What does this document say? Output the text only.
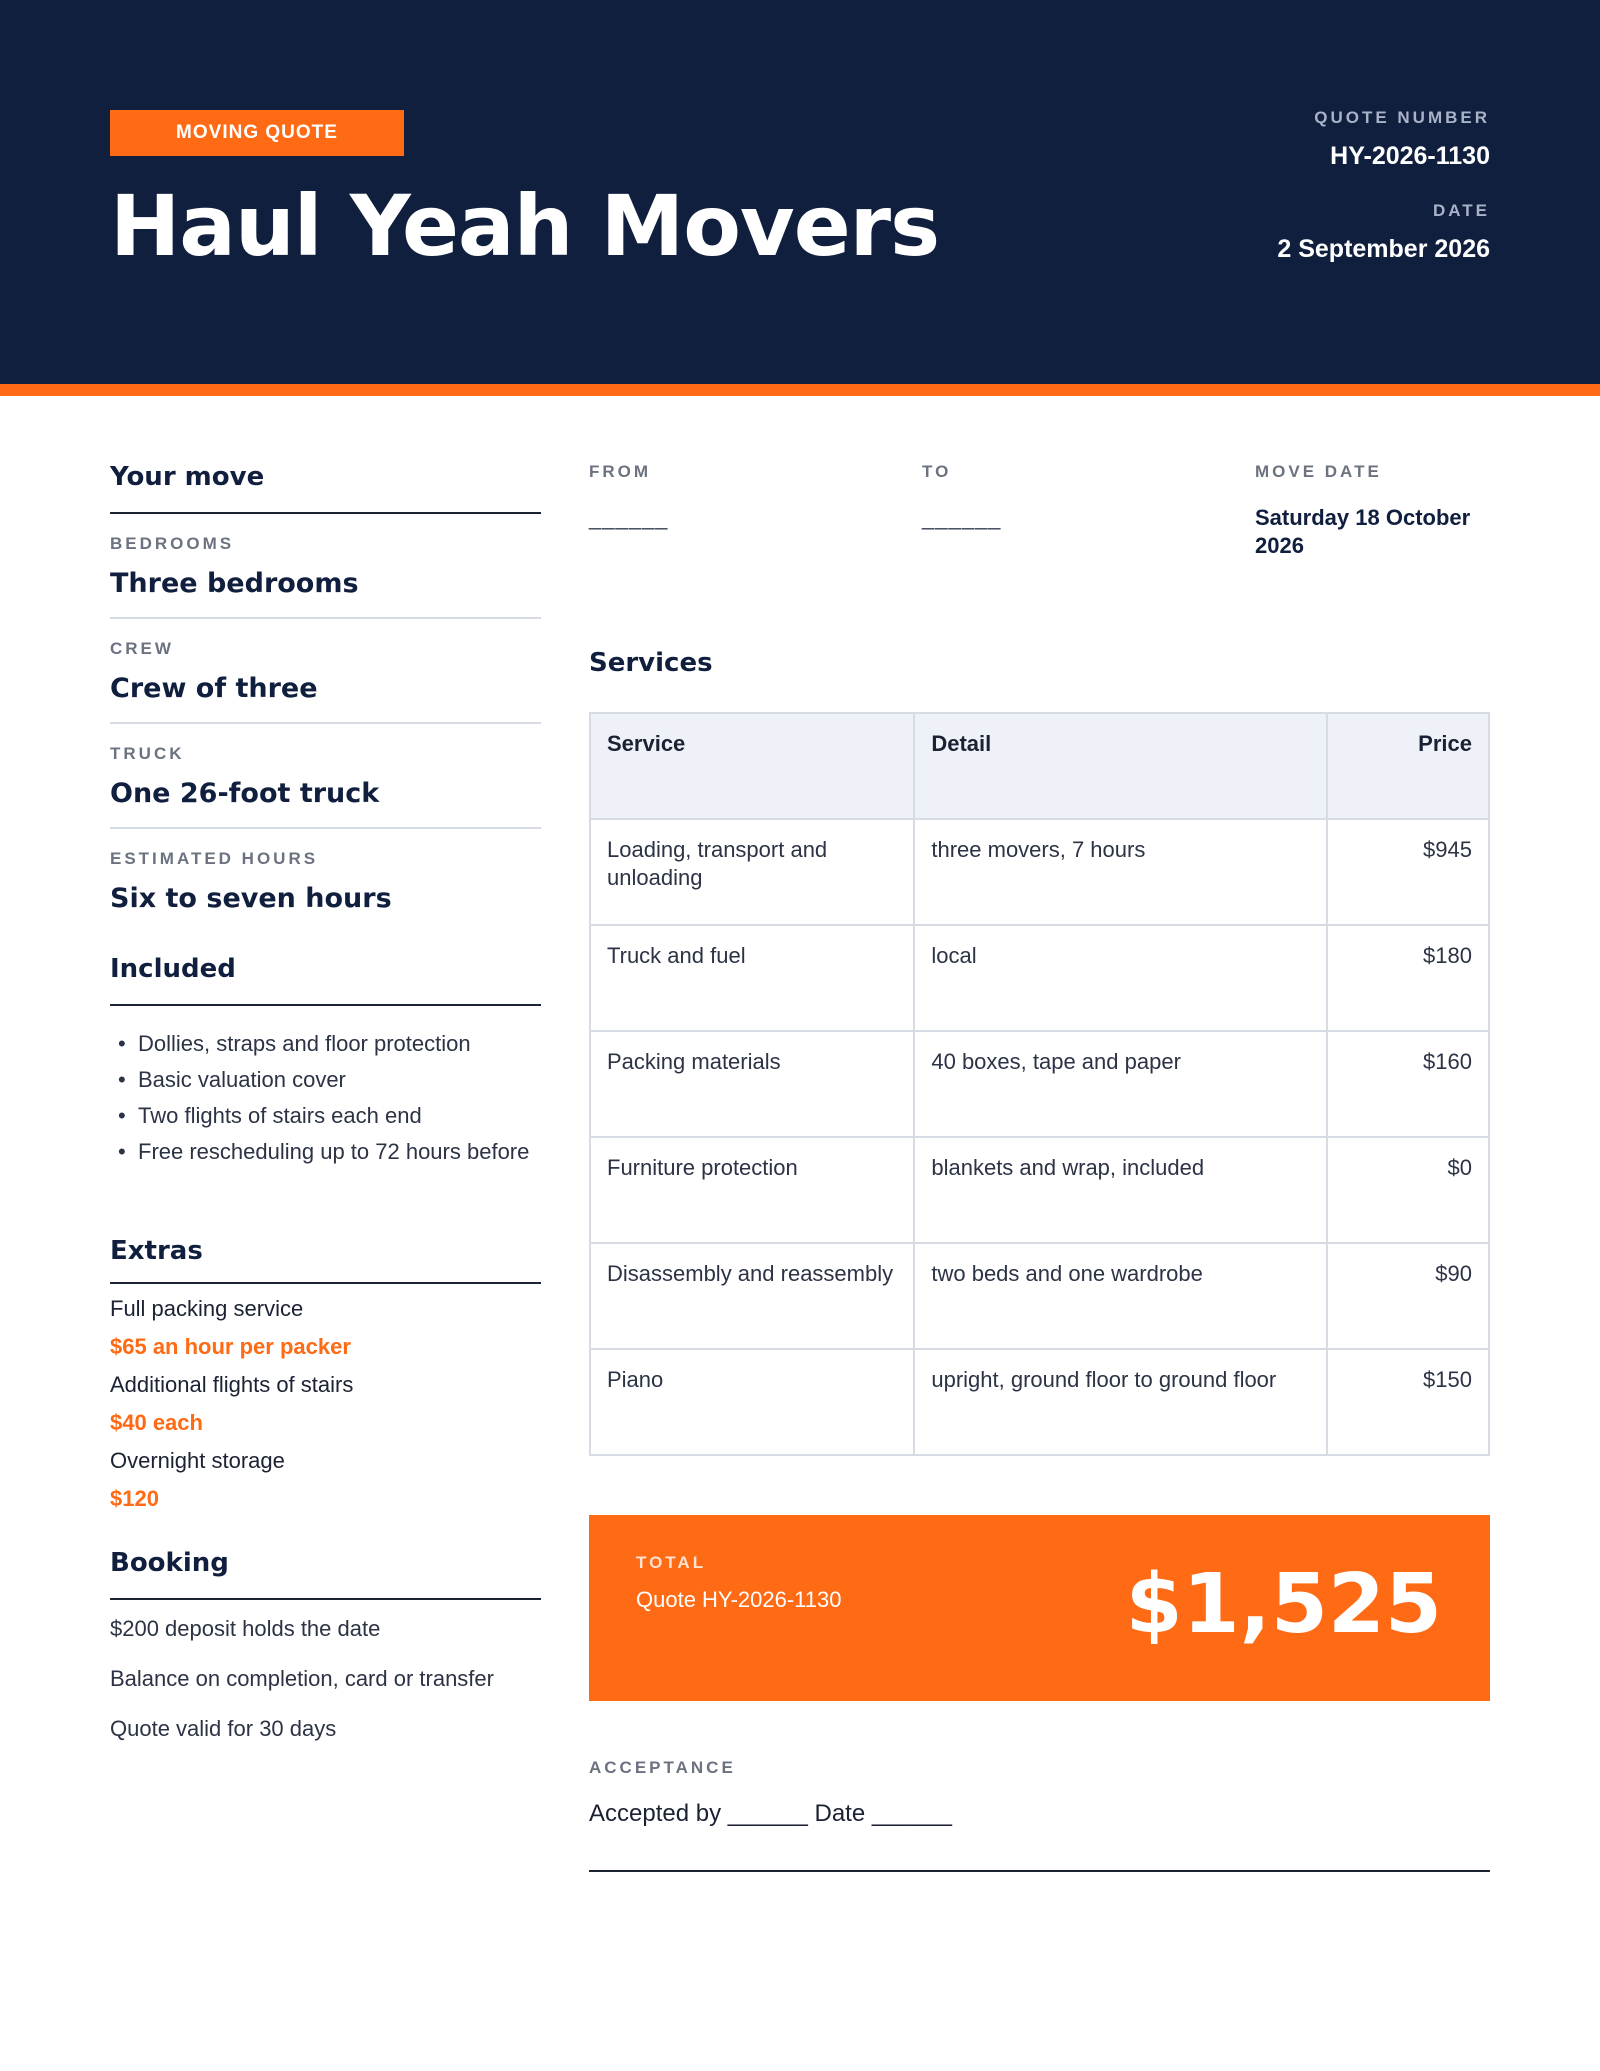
MOVING QUOTE
Haul Yeah Movers
QUOTE NUMBER
HY-2026-1130
DATE
2 September 2026
Your move
BEDROOMS
Three bedrooms
CREW
Crew of three
TRUCK
One 26-foot truck
ESTIMATED HOURS
Six to seven hours
Included
• Dollies, straps and floor protection
• Basic valuation cover
• Two flights of stairs each end
• Free rescheduling up to 72 hours before
Extras
Full packing service
$65 an hour per packer
Additional flights of stairs
$40 each
Overnight storage
$120
Booking
$200 deposit holds the date
Balance on completion, card or transfer
Quote valid for 30 days
FROM
______
TO
______
MOVE DATE
Saturday 18 October 2026
Services
Service	Detail	Price
Loading, transport and unloading	three movers, 7 hours	$945
Truck and fuel	local	$180
Packing materials	40 boxes, tape and paper	$160
Furniture protection	blankets and wrap, included	$0
Disassembly and reassembly	two beds and one wardrobe	$90
Piano	upright, ground floor to ground floor	$150
TOTAL
Quote HY-2026-1130	$1,525
ACCEPTANCE
Accepted by ______ Date ______
